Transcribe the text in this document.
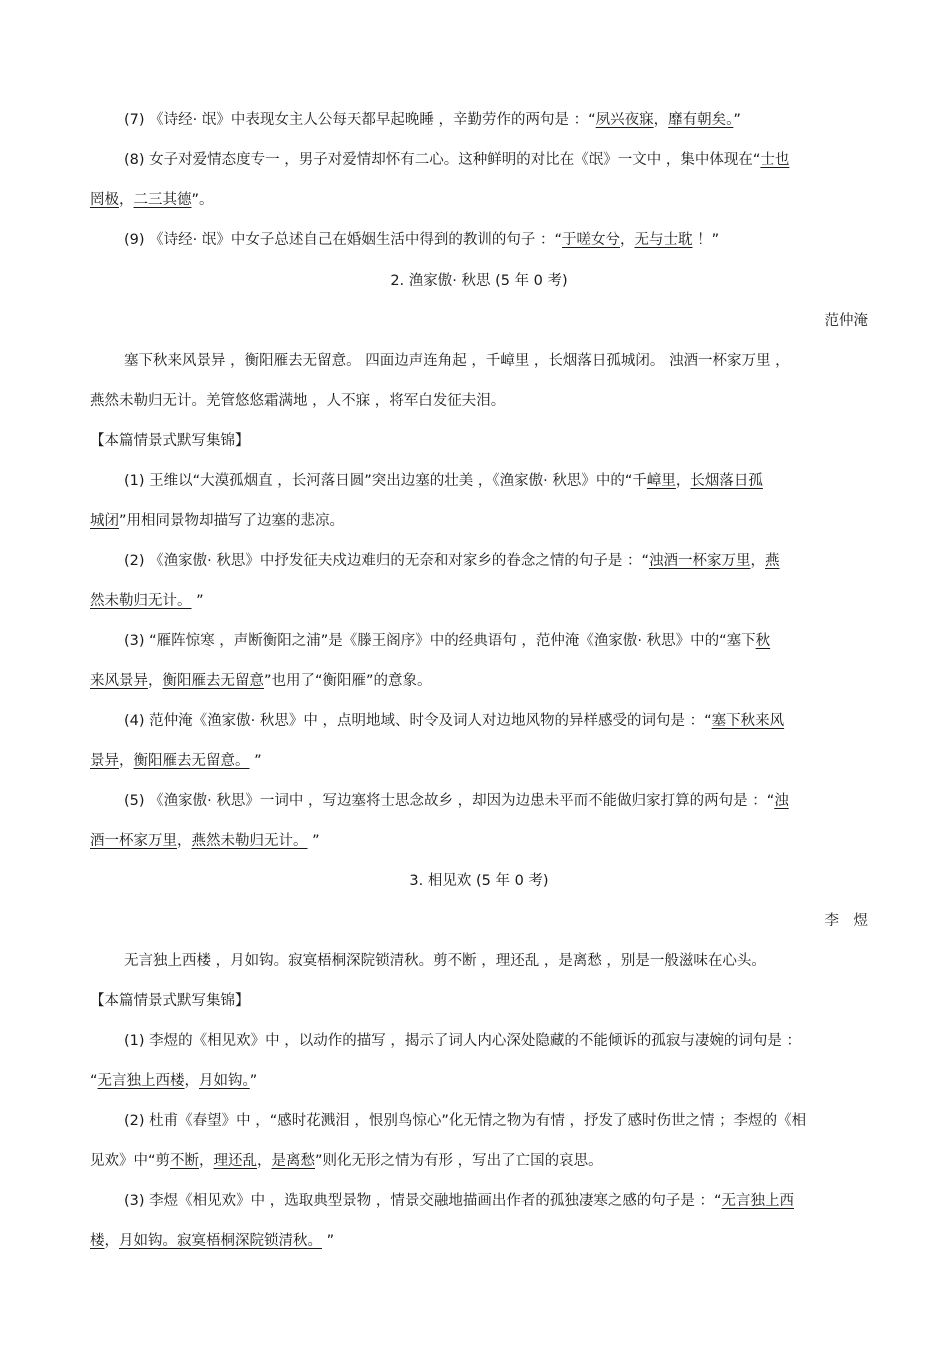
(7) 《诗经· 氓》中表现女主人公每天都早起晚睡 ，辛勤劳作的两句是 ：“夙兴夜寐，靡有朝矣。”
(8) 女子对爱情态度专一 ，男子对爱情却怀有二心。这种鲜明的对比在《氓》一文中 ，集中体现在“士也
罔极，二三其德”。
(9) 《诗经· 氓》中女子总述自己在婚姻生活中得到的教训的句子 ：“于嗟女兮，无与士耽 ！”
2. 渔家傲· 秋思 (5 年 0 考)
范仲淹
塞下秋来风景异 ，衡阳雁去无留意。 四面边声连角起 ，千嶂里 ，长烟落日孤城闭。 浊酒一杯家万里 ，
燕然未勒归无计。羌管悠悠霜满地 ，人不寐 ，将军白发征夫泪。
【本篇情景式默写集锦】
(1) 王维以“大漠孤烟直 ，长河落日圆”突出边塞的壮美 ，《渔家傲· 秋思》中的“千嶂里，长烟落日孤
城闭”用相同景物却描写了边塞的悲凉。
(2) 《渔家傲· 秋思》中抒发征夫戍边难归的无奈和对家乡的眷念之情的句子是 ：“浊酒一杯家万里，燕
然未勒归无计。 ”
(3) “雁阵惊寒 ，声断衡阳之浦”是《滕王阁序》中的经典语句 ，范仲淹《渔家傲· 秋思》中的“塞下秋
来风景异，衡阳雁去无留意”也用了“衡阳雁”的意象。
(4) 范仲淹《渔家傲· 秋思》中 ，点明地域、时令及词人对边地风物的异样感受的词句是 ：“塞下秋来风
景异，衡阳雁去无留意。 ”
(5) 《渔家傲· 秋思》一词中 ，写边塞将士思念故乡 ，却因为边患未平而不能做归家打算的两句是 ：“浊
酒一杯家万里，燕然未勒归无计。 ”
3. 相见欢 (5 年 0 考)
李　煜
无言独上西楼 ，月如钩。寂寞梧桐深院锁清秋。剪不断 ，理还乱 ，是离愁 ，别是一般滋味在心头。
【本篇情景式默写集锦】
(1) 李煜的《相见欢》中 ，以动作的描写 ，揭示了词人内心深处隐藏的不能倾诉的孤寂与凄婉的词句是 ：
“无言独上西楼，月如钩。”
(2) 杜甫《春望》中 ，“感时花溅泪 ，恨别鸟惊心”化无情之物为有情 ，抒发了感时伤世之情 ；李煜的《相
见欢》中“剪不断，理还乱，是离愁”则化无形之情为有形 ，写出了亡国的哀思。
(3) 李煜《相见欢》中 ，选取典型景物 ，情景交融地描画出作者的孤独凄寒之感的句子是 ：“无言独上西
楼，月如钩。寂寞梧桐深院锁清秋。 ”
